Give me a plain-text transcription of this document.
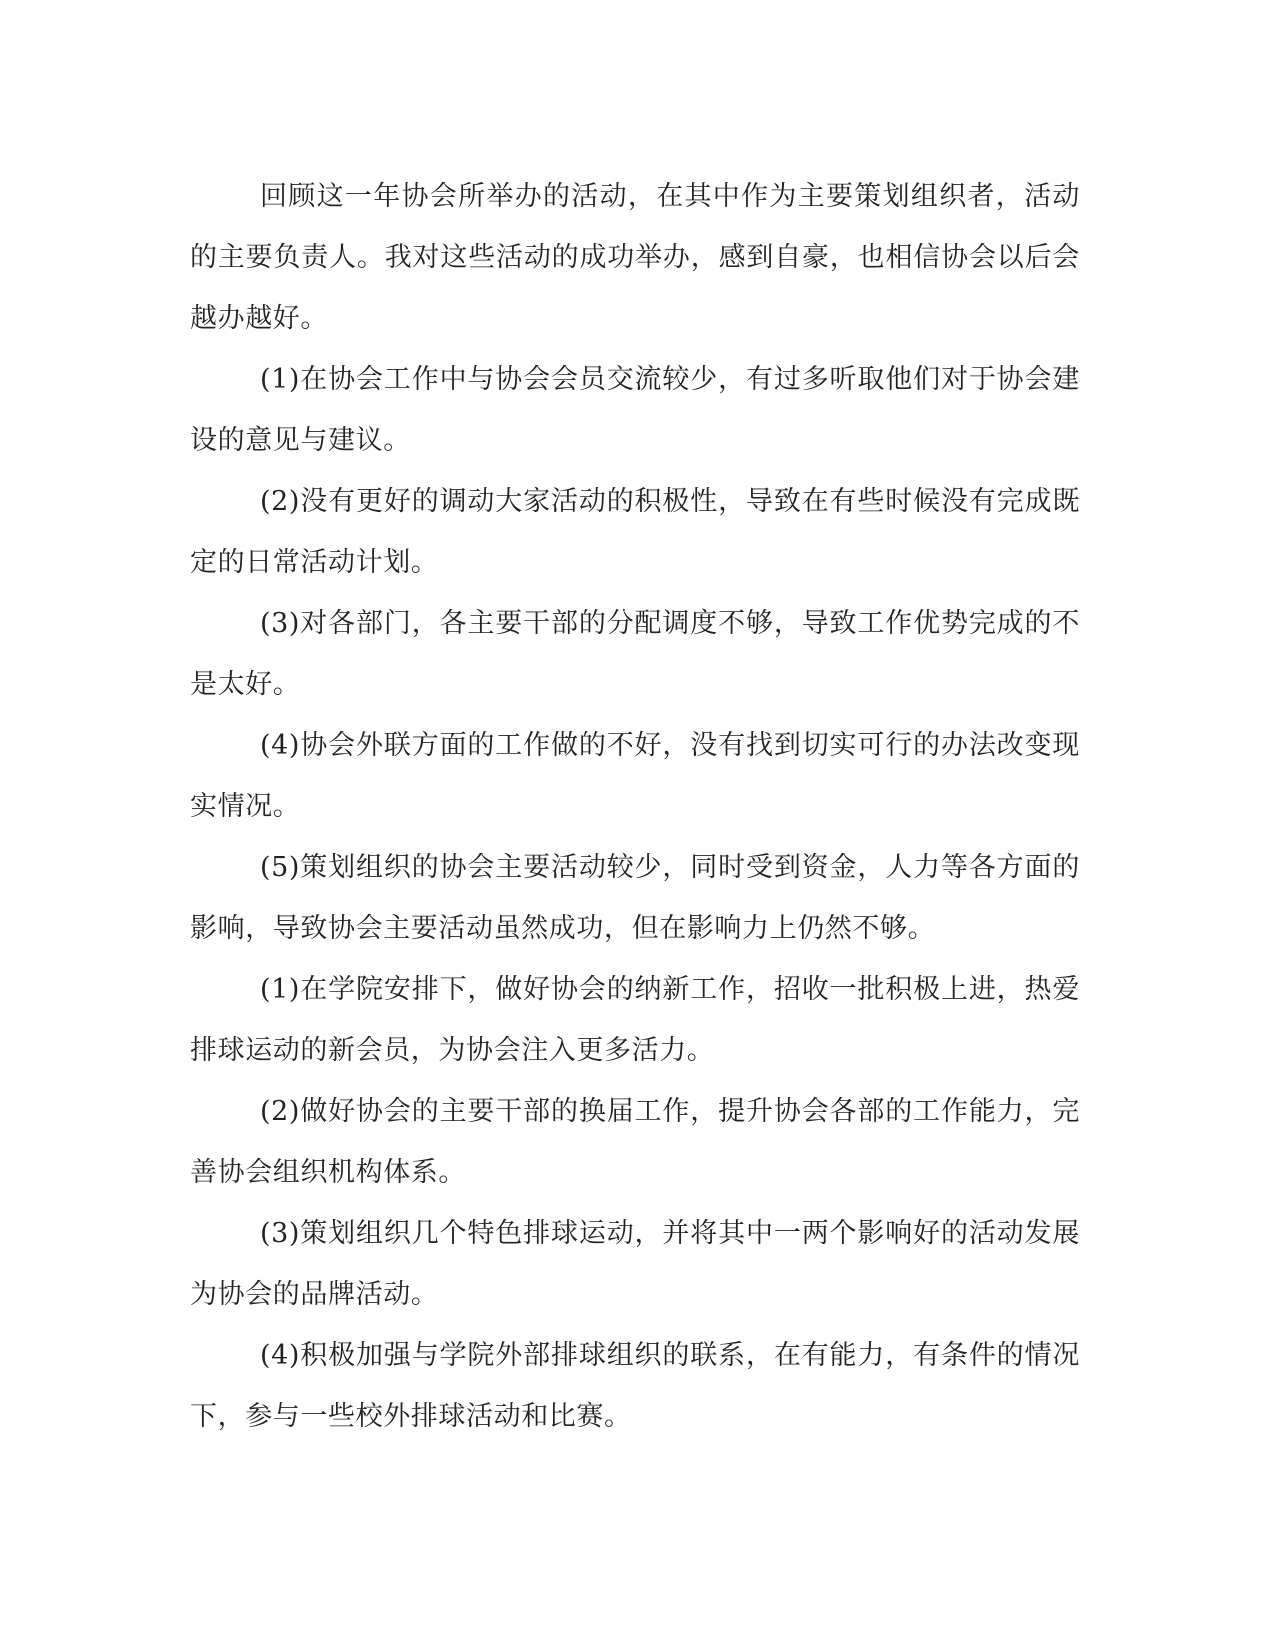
回顾这一年协会所举办的活动，在其中作为主要策划组织者，活动的主要负责人。我对这些活动的成功举办，感到自豪，也相信协会以后会越办越好。

(1)在协会工作中与协会会员交流较少，有过多听取他们对于协会建设的意见与建议。

(2)没有更好的调动大家活动的积极性，导致在有些时候没有完成既定的日常活动计划。

(3)对各部门，各主要干部的分配调度不够，导致工作优势完成的不是太好。

(4)协会外联方面的工作做的不好，没有找到切实可行的办法改变现实情况。

(5)策划组织的协会主要活动较少，同时受到资金，人力等各方面的影响，导致协会主要活动虽然成功，但在影响力上仍然不够。

(1)在学院安排下，做好协会的纳新工作，招收一批积极上进，热爱排球运动的新会员，为协会注入更多活力。

(2)做好协会的主要干部的换届工作，提升协会各部的工作能力，完善协会组织机构体系。

(3)策划组织几个特色排球运动，并将其中一两个影响好的活动发展为协会的品牌活动。

(4)积极加强与学院外部排球组织的联系，在有能力，有条件的情况下，参与一些校外排球活动和比赛。
